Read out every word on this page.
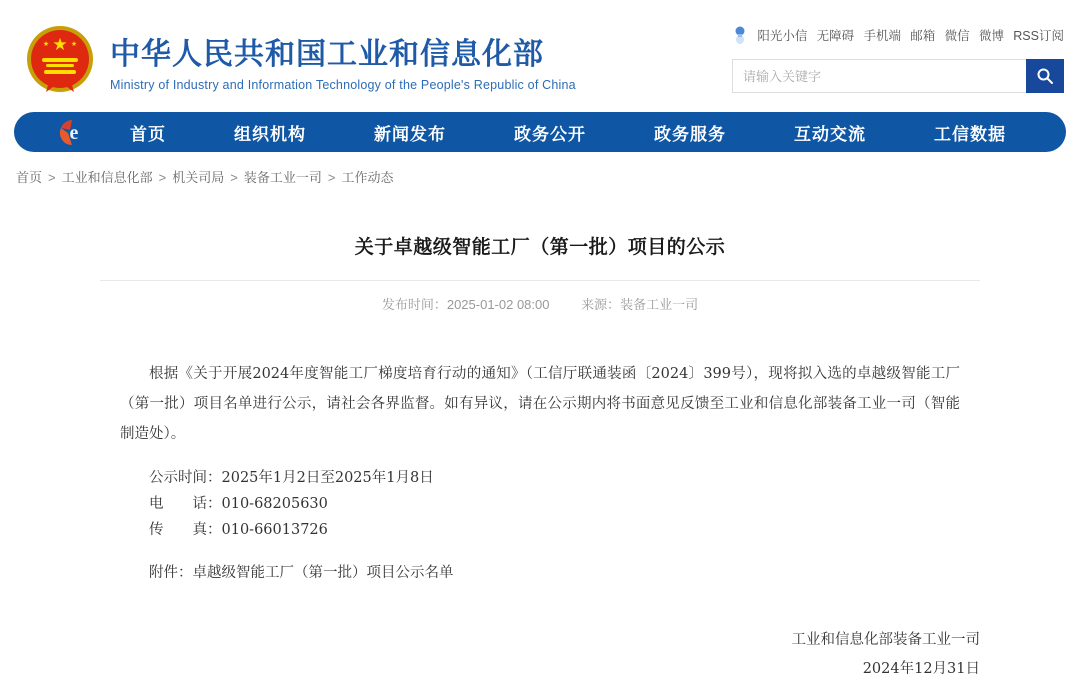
★
★	★ 中华人民共和国工业和信息化部
Ministry of Industry and Information Technology of the People's Republic of China
阳光小信 无障碍 手机端 邮箱 微信 微博 RSS订阅
请输入关键字
e	首页	组织机构	新闻发布	政务公开	政务服务	互动交流	工信数据
首页 > 工业和信息化部 > 机关司局 > 装备工业一司 > 工作动态
关于卓越级智能工厂（第一批）项目的公示
发布时间：2025-01-02 08:00 来源：装备工业一司

根据《关于开展2024年度智能工厂梯度培育行动的通知》（工信厅联通装函〔2024〕399号），现将拟入选的卓越级智能工厂（第一批）项目名单进行公示，请社会各界监督。如有异议，请在公示期内将书面意见反馈至工业和信息化部装备工业一司（智能制造处）。

公示时间：2025年1月2日至2025年1月8日
电　　话：010-68205630
传　　真：010-66013726
附件：卓越级智能工厂（第一批）项目公示名单
工业和信息化部装备工业一司
2024年12月31日
